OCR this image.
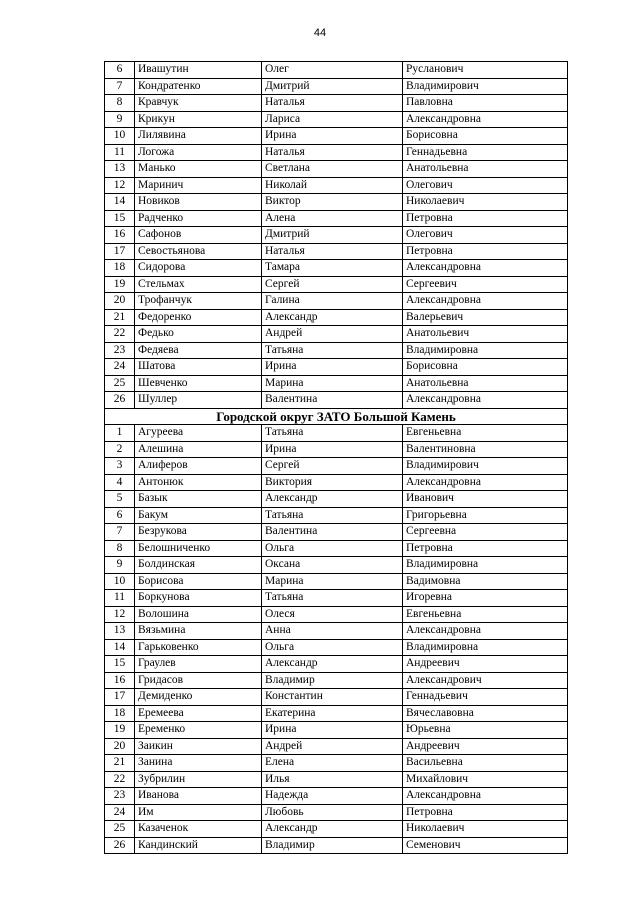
44
6	Ивашутин	Олег	Русланович
7	Кондратенко	Дмитрий	Владимирович
8	Кравчук	Наталья	Павловна
9	Крикун	Лариса	Александровна
10	Лилявина	Ирина	Борисовна
11	Логожа	Наталья	Геннадьевна
13	Манько	Светлана	Анатольевна
12	Маринич	Николай	Олегович
14	Новиков	Виктор	Николаевич
15	Радченко	Алена	Петровна
16	Сафонов	Дмитрий	Олегович
17	Севостьянова	Наталья	Петровна
18	Сидорова	Тамара	Александровна
19	Стельмах	Сергей	Сергеевич
20	Трофанчук	Галина	Александровна
21	Федоренко	Александр	Валерьевич
22	Федько	Андрей	Анатольевич
23	Федяева	Татьяна	Владимировна
24	Шатова	Ирина	Борисовна
25	Шевченко	Марина	Анатольевна
26	Шуллер	Валентина	Александровна
Городской округ ЗАТО Большой Камень			
1	Агуреева	Татьяна	Евгеньевна
2	Алешина	Ирина	Валентиновна
3	Алиферов	Сергей	Владимирович
4	Антонюк	Виктория	Александровна
5	Базык	Александр	Иванович
6	Бакум	Татьяна	Григорьевна
7	Безрукова	Валентина	Сергеевна
8	Белошниченко	Ольга	Петровна
9	Болдинская	Оксана	Владимировна
10	Борисова	Марина	Вадимовна
11	Боркунова	Татьяна	Игоревна
12	Волошина	Олеся	Евгеньевна
13	Вязьмина	Анна	Александровна
14	Гарьковенко	Ольга	Владимировна
15	Граулев	Александр	Андреевич
16	Гридасов	Владимир	Александрович
17	Демиденко	Константин	Геннадьевич
18	Еремеева	Екатерина	Вячеславовна
19	Еременко	Ирина	Юрьевна
20	Заикин	Андрей	Андреевич
21	Занина	Елена	Васильевна
22	Зубрилин	Илья	Михайлович
23	Иванова	Надежда	Александровна
24	Им	Любовь	Петровна
25	Казаченок	Александр	Николаевич
26	Кандинский	Владимир	Семенович
